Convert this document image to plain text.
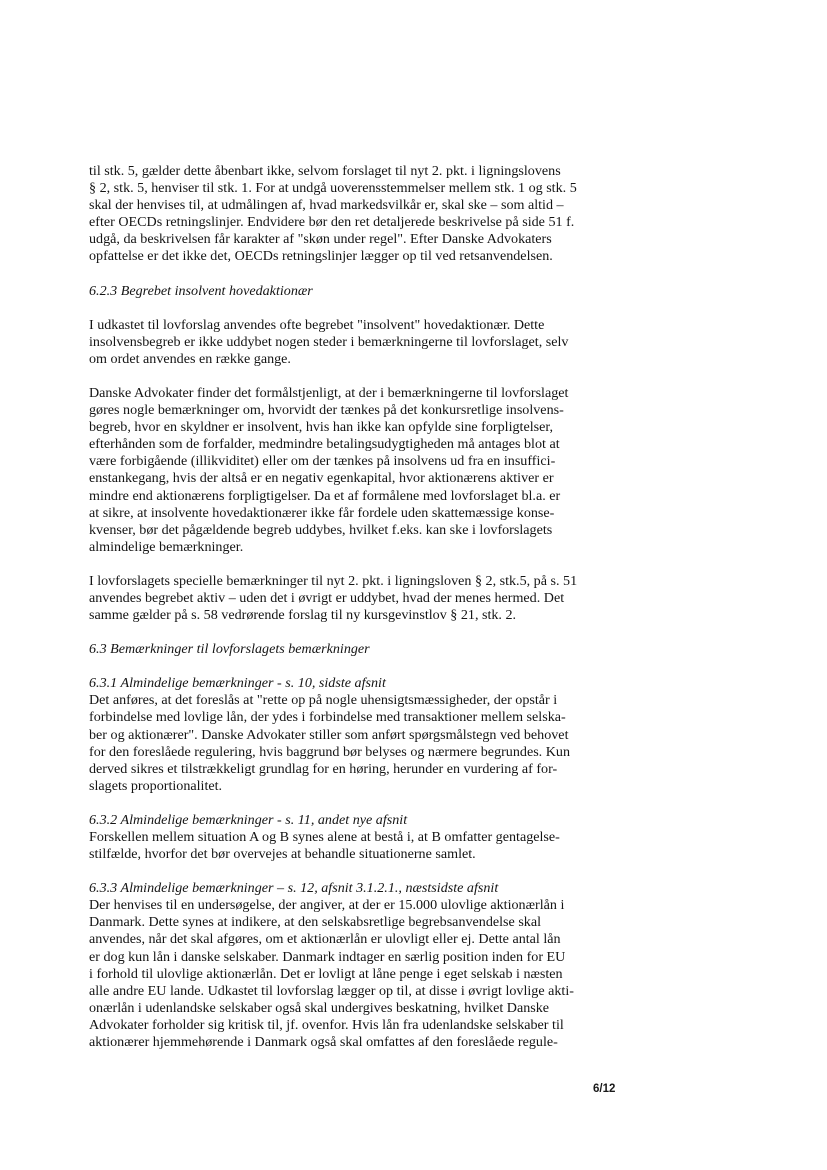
til stk. 5, gælder dette åbenbart ikke, selvom forslaget til nyt 2. pkt. i ligningslovens
§ 2, stk. 5, henviser til stk. 1. For at undgå uoverensstemmelser mellem stk. 1 og stk. 5
skal der henvises til, at udmålingen af, hvad markedsvilkår er, skal ske – som altid –
efter OECDs retningslinjer. Endvidere bør den ret detaljerede beskrivelse på side 51 f.
udgå, da beskrivelsen får karakter af "skøn under regel". Efter Danske Advokaters
opfattelse er det ikke det, OECDs retningslinjer lægger op til ved retsanvendelsen.

6.2.3 Begrebet insolvent hovedaktionær

I udkastet til lovforslag anvendes ofte begrebet "insolvent" hovedaktionær. Dette
insolvensbegreb er ikke uddybet nogen steder i bemærkningerne til lovforslaget, selv
om ordet anvendes en række gange.

Danske Advokater finder det formålstjenligt, at der i bemærkningerne til lovforslaget
gøres nogle bemærkninger om, hvorvidt der tænkes på det konkursretlige insolvens-
begreb, hvor en skyldner er insolvent, hvis han ikke kan opfylde sine forpligtelser,
efterhånden som de forfalder, medmindre betalingsudygtigheden må antages blot at
være forbigående (illikviditet) eller om der tænkes på insolvens ud fra en insuffici-
enstankegang, hvis der altså er en negativ egenkapital, hvor aktionærens aktiver er
mindre end aktionærens forpligtigelser. Da et af formålene med lovforslaget bl.a. er
at sikre, at insolvente hovedaktionærer ikke får fordele uden skattemæssige konse-
kvenser, bør det pågældende begreb uddybes, hvilket f.eks. kan ske i lovforslagets
almindelige bemærkninger.

I lovforslagets specielle bemærkninger til nyt 2. pkt. i ligningsloven § 2, stk.5, på s. 51
anvendes begrebet aktiv – uden det i øvrigt er uddybet, hvad der menes hermed. Det
samme gælder på s. 58 vedrørende forslag til ny kursgevinstlov § 21, stk. 2.

6.3 Bemærkninger til lovforslagets bemærkninger

6.3.1 Almindelige bemærkninger - s. 10, sidste afsnit

Det anføres, at det foreslås at "rette op på nogle uhensigtsmæssigheder, der opstår i
forbindelse med lovlige lån, der ydes i forbindelse med transaktioner mellem selska-
ber og aktionærer". Danske Advokater stiller som anført spørgsmålstegn ved behovet
for den foreslåede regulering, hvis baggrund bør belyses og nærmere begrundes. Kun
derved sikres et tilstrækkeligt grundlag for en høring, herunder en vurdering af for-
slagets proportionalitet.

6.3.2 Almindelige bemærkninger - s. 11, andet nye afsnit

Forskellen mellem situation A og B synes alene at bestå i, at B omfatter gentagelse-
stilfælde, hvorfor det bør overvejes at behandle situationerne samlet.

6.3.3 Almindelige bemærkninger – s. 12, afsnit 3.1.2.1., næstsidste afsnit

Der henvises til en undersøgelse, der angiver, at der er 15.000 ulovlige aktionærlån i
Danmark. Dette synes at indikere, at den selskabsretlige begrebsanvendelse skal
anvendes, når det skal afgøres, om et aktionærlån er ulovligt eller ej. Dette antal lån
er dog kun lån i danske selskaber. Danmark indtager en særlig position inden for EU
i forhold til ulovlige aktionærlån. Det er lovligt at låne penge i eget selskab i næsten
alle andre EU lande. Udkastet til lovforslag lægger op til, at disse i øvrigt lovlige akti-
onærlån i udenlandske selskaber også skal undergives beskatning, hvilket Danske
Advokater forholder sig kritisk til, jf. ovenfor. Hvis lån fra udenlandske selskaber til
aktionærer hjemmehørende i Danmark også skal omfattes af den foreslåede regule-

6/12
